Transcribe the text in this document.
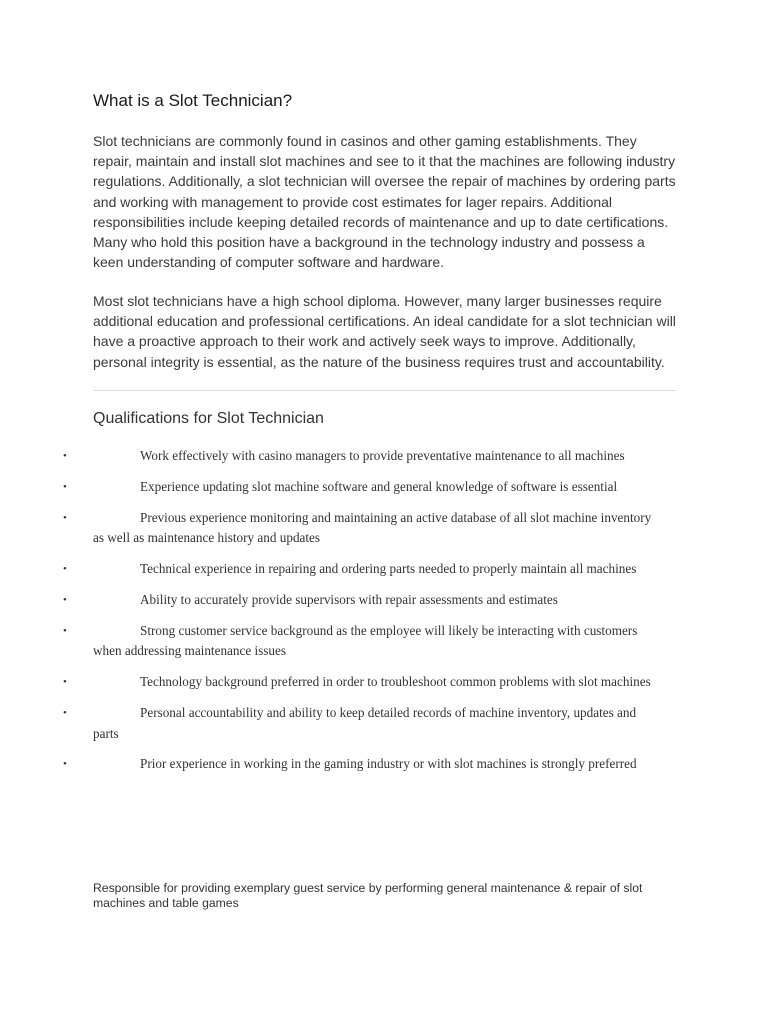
What is a Slot Technician?

Slot technicians are commonly found in casinos and other gaming establishments. They repair, maintain and install slot machines and see to it that the machines are following industry regulations. Additionally, a slot technician will oversee the repair of machines by ordering parts and working with management to provide cost estimates for lager repairs. Additional responsibilities include keeping detailed records of maintenance and up to date certifications. Many who hold this position have a background in the technology industry and possess a keen understanding of computer software and hardware.

Most slot technicians have a high school diploma. However, many larger businesses require additional education and professional certifications. An ideal candidate for a slot technician will have a proactive approach to their work and actively seek ways to improve. Additionally, personal integrity is essential, as the nature of the business requires trust and accountability.

Qualifications for Slot Technician
•	Work effectively with casino managers to provide preventative maintenance to all machines
•	Experience updating slot machine software and general knowledge of software is essential
•	Previous experience monitoring and maintaining an active database of all slot machine inventory as well as maintenance history and updates
•	Technical experience in repairing and ordering parts needed to properly maintain all machines
•	Ability to accurately provide supervisors with repair assessments and estimates
•	Strong customer service background as the employee will likely be interacting with customers when addressing maintenance issues
•	Technology background preferred in order to troubleshoot common problems with slot machines
•	Personal accountability and ability to keep detailed records of machine inventory, updates and parts
•	Prior experience in working in the gaming industry or with slot machines is strongly preferred

Responsible for providing exemplary guest service by performing general maintenance & repair of slot machines and table games
